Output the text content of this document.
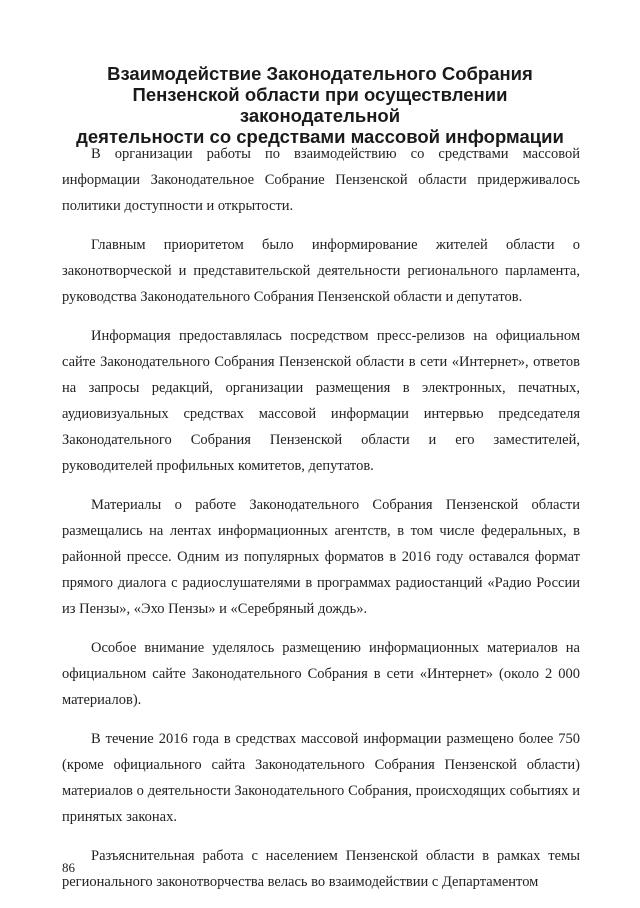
Взаимодействие Законодательного Собрания
Пензенской области при осуществлении законодательной
деятельности со средствами массовой информации

В организации работы по взаимодействию со средствами массовой информации Законодательное Собрание Пензенской области придерживалось политики доступности и открытости.

Главным приоритетом было информирование жителей области о законотворческой и представительской деятельности регионального парламента, руководства Законодательного Собрания Пензенской области и депутатов.

Информация предоставлялась посредством пресс-релизов на официальном сайте Законодательного Собрания Пензенской области в сети «Интернет», ответов на запросы редакций, организации размещения в электронных, печатных, аудиовизуальных средствах массовой информации интервью председателя Законодательного Собрания Пензенской области и его заместителей, руководителей профильных комитетов, депутатов.

Материалы о работе Законодательного Собрания Пензенской области размещались на лентах информационных агентств, в том числе федеральных, в районной прессе. Одним из популярных форматов в 2016 году оставался формат прямого диалога с радиослушателями в программах радиостанций «Радио России из Пензы», «Эхо Пензы» и «Серебряный дождь».

Особое внимание уделялось размещению информационных материалов на официальном сайте Законодательного Собрания в сети «Интернет» (около 2 000 материалов).

В течение 2016 года в средствах массовой информации размещено более 750 (кроме официального сайта Законодательного Собрания Пензенской области) материалов о деятельности Законодательного Собрания, происходящих событиях и принятых законах.

Разъяснительная работа с населением Пензенской области в рамках темы регионального законотворчества велась во взаимодействии с Департаментом

86
